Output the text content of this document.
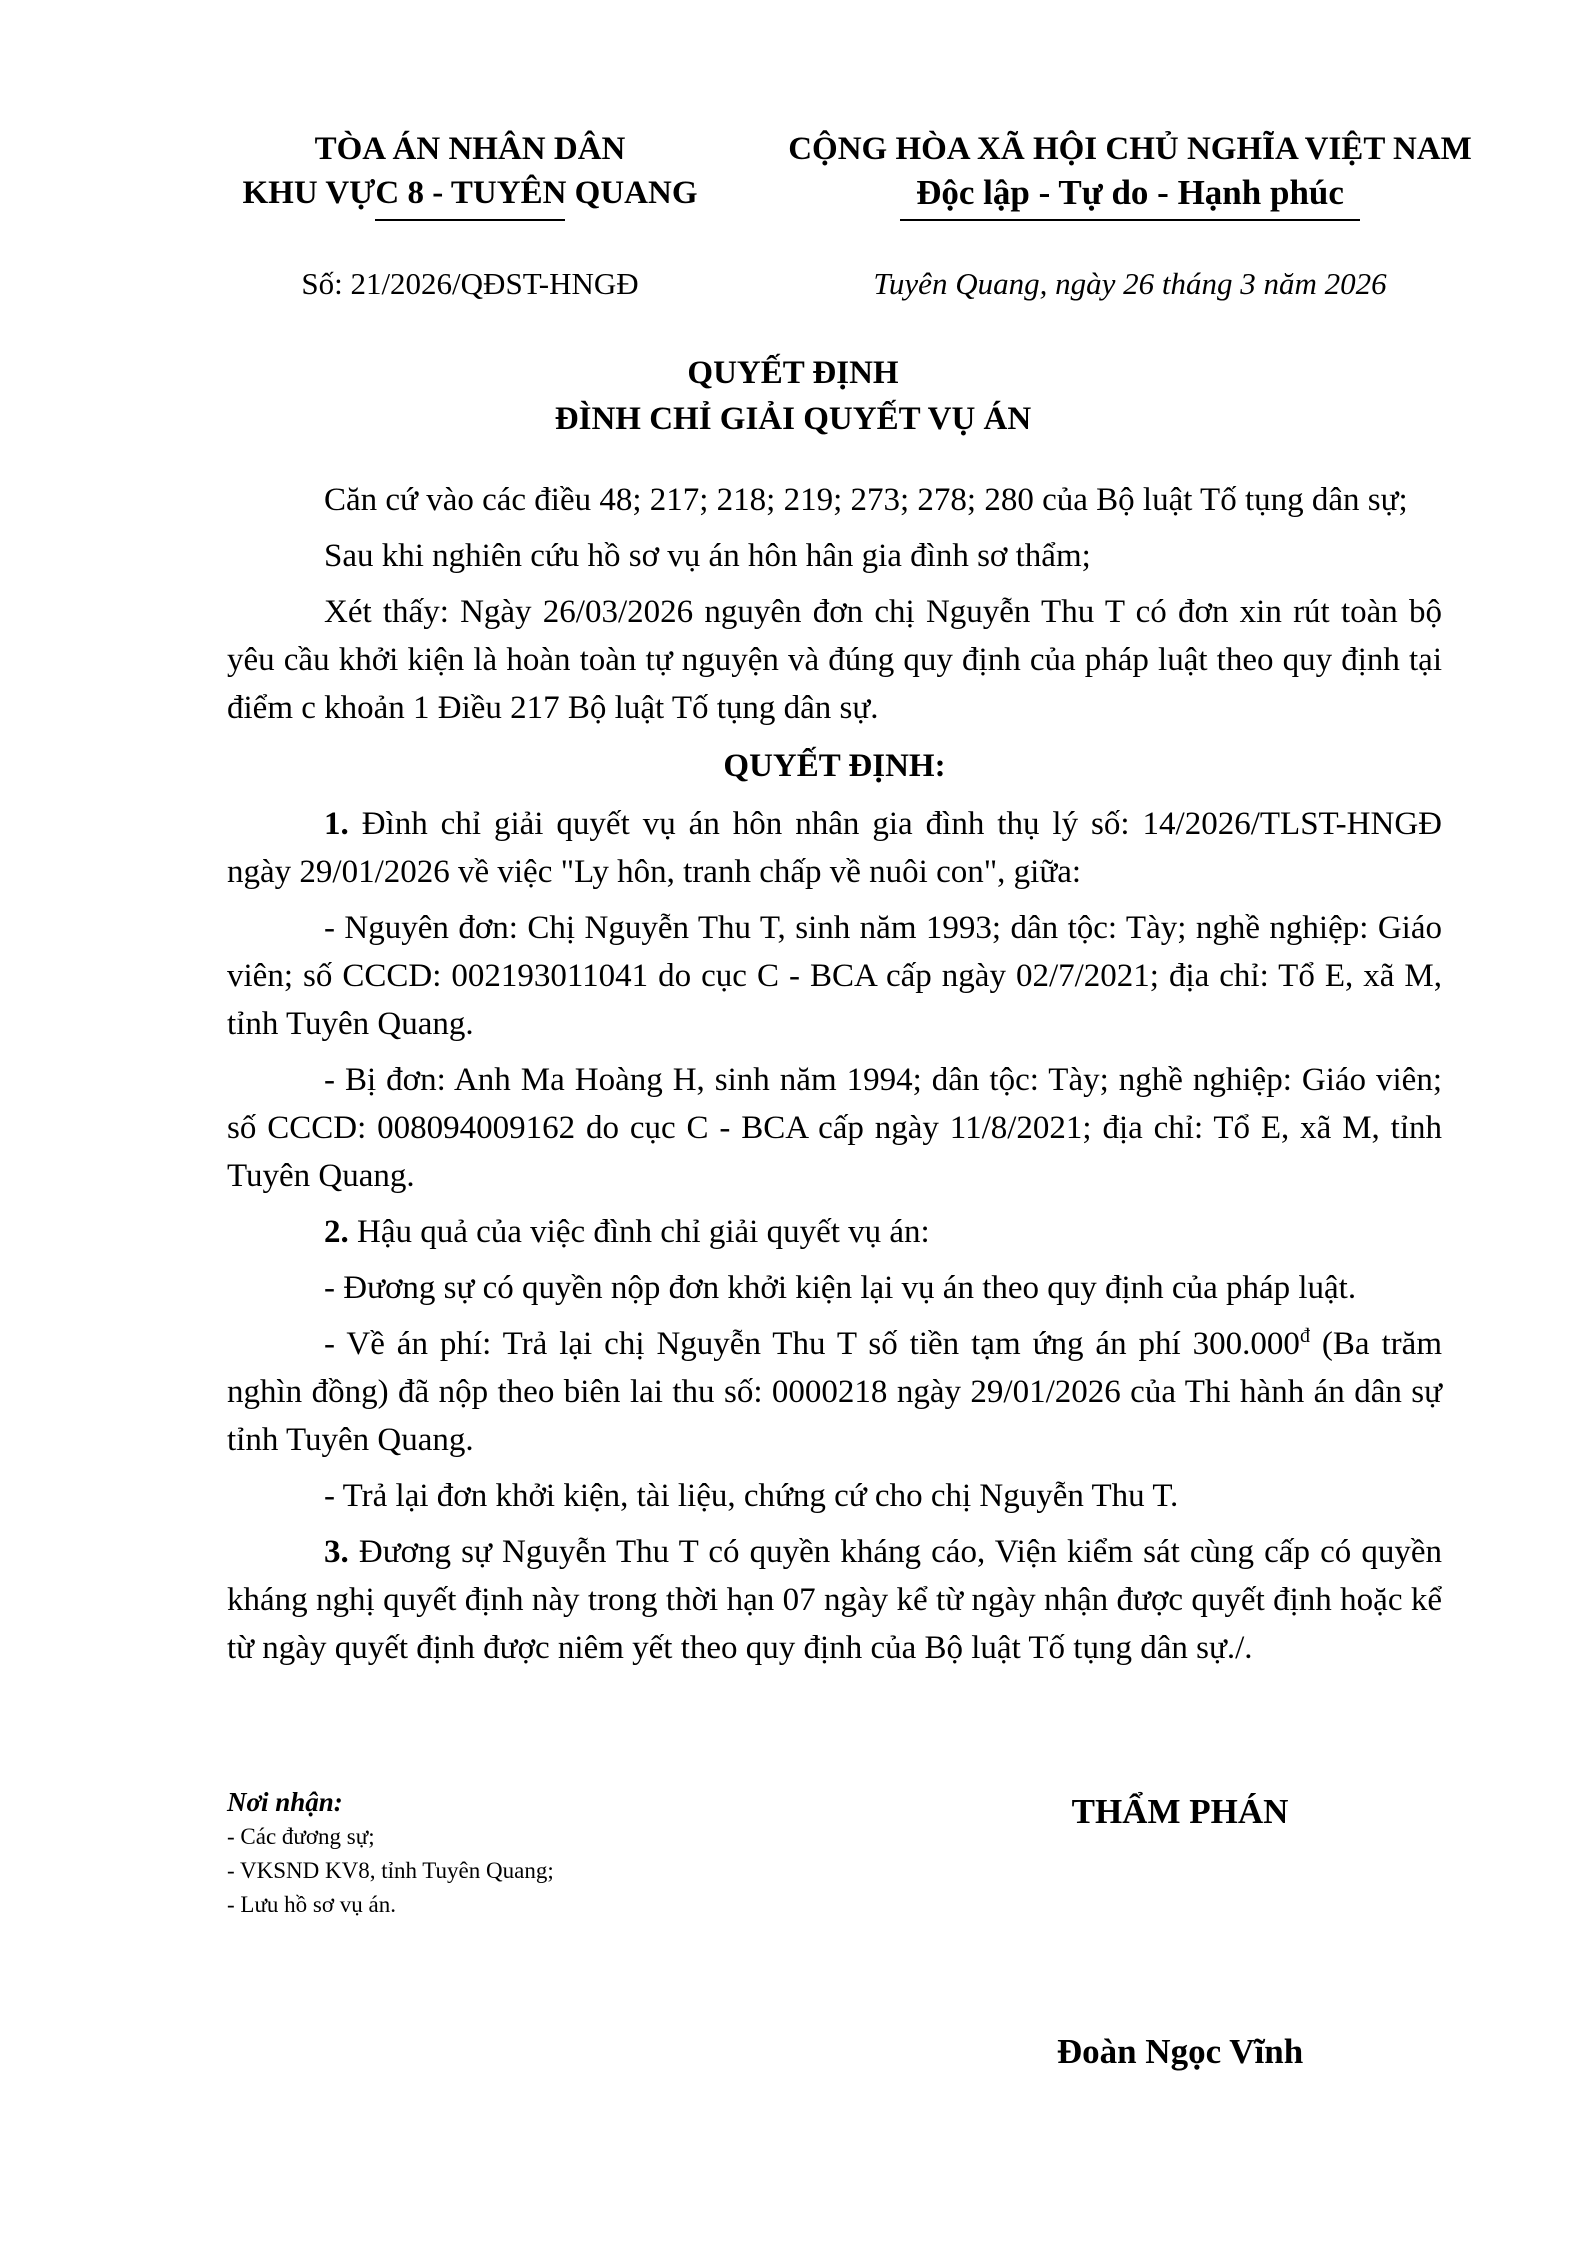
TÒA ÁN NHÂN DÂN
KHU VỰC 8 - TUYÊN QUANG
CỘNG HÒA XÃ HỘI CHỦ NGHĨA VIỆT NAM
Độc lập - Tự do - Hạnh phúc
Số: 21/2026/QĐST-HNGĐ	Tuyên Quang, ngày 26 tháng 3 năm 2026
QUYẾT ĐỊNH
ĐÌNH CHỈ GIẢI QUYẾT VỤ ÁN

Căn cứ vào các điều 48; 217; 218; 219; 273; 278; 280 của Bộ luật Tố tụng dân sự;

Sau khi nghiên cứu hồ sơ vụ án hôn hân gia đình sơ thẩm;

Xét thấy: Ngày 26/03/2026 nguyên đơn chị Nguyễn Thu T có đơn xin rút toàn bộ yêu cầu khởi kiện là hoàn toàn tự nguyện và đúng quy định của pháp luật theo quy định tại điểm c khoản 1 Điều 217 Bộ luật Tố tụng dân sự.

QUYẾT ĐỊNH:

1. Đình chỉ giải quyết vụ án hôn nhân gia đình thụ lý số: 14/2026/TLST-HNGĐ ngày 29/01/2026 về việc "Ly hôn, tranh chấp về nuôi con", giữa:

- Nguyên đơn: Chị Nguyễn Thu T, sinh năm 1993; dân tộc: Tày; nghề nghiệp: Giáo viên; số CCCD: 002193011041 do cục C - BCA cấp ngày 02/7/2021; địa chỉ: Tổ E, xã M, tỉnh Tuyên Quang.

- Bị đơn: Anh Ma Hoàng H, sinh năm 1994; dân tộc: Tày; nghề nghiệp: Giáo viên; số CCCD: 008094009162 do cục C - BCA cấp ngày 11/8/2021; địa chỉ: Tổ E, xã M, tỉnh Tuyên Quang.

2. Hậu quả của việc đình chỉ giải quyết vụ án:

- Đương sự có quyền nộp đơn khởi kiện lại vụ án theo quy định của pháp luật.

- Về án phí: Trả lại chị Nguyễn Thu T số tiền tạm ứng án phí $300.000^đ$ (Ba trăm nghìn đồng) đã nộp theo biên lai thu số: 0000218 ngày 29/01/2026 của Thi hành án dân sự tỉnh Tuyên Quang.

- Trả lại đơn khởi kiện, tài liệu, chứng cứ cho chị Nguyễn Thu T.

3. Đương sự Nguyễn Thu T có quyền kháng cáo, Viện kiểm sát cùng cấp có quyền kháng nghị quyết định này trong thời hạn 07 ngày kể từ ngày nhận được quyết định hoặc kể từ ngày quyết định được niêm yết theo quy định của Bộ luật Tố tụng dân sự./.

Nơi nhận:
- Các đương sự;
- VKSND KV8, tỉnh Tuyên Quang;
- Lưu hồ sơ vụ án.
THẨM PHÁN
Đoàn Ngọc Vĩnh
